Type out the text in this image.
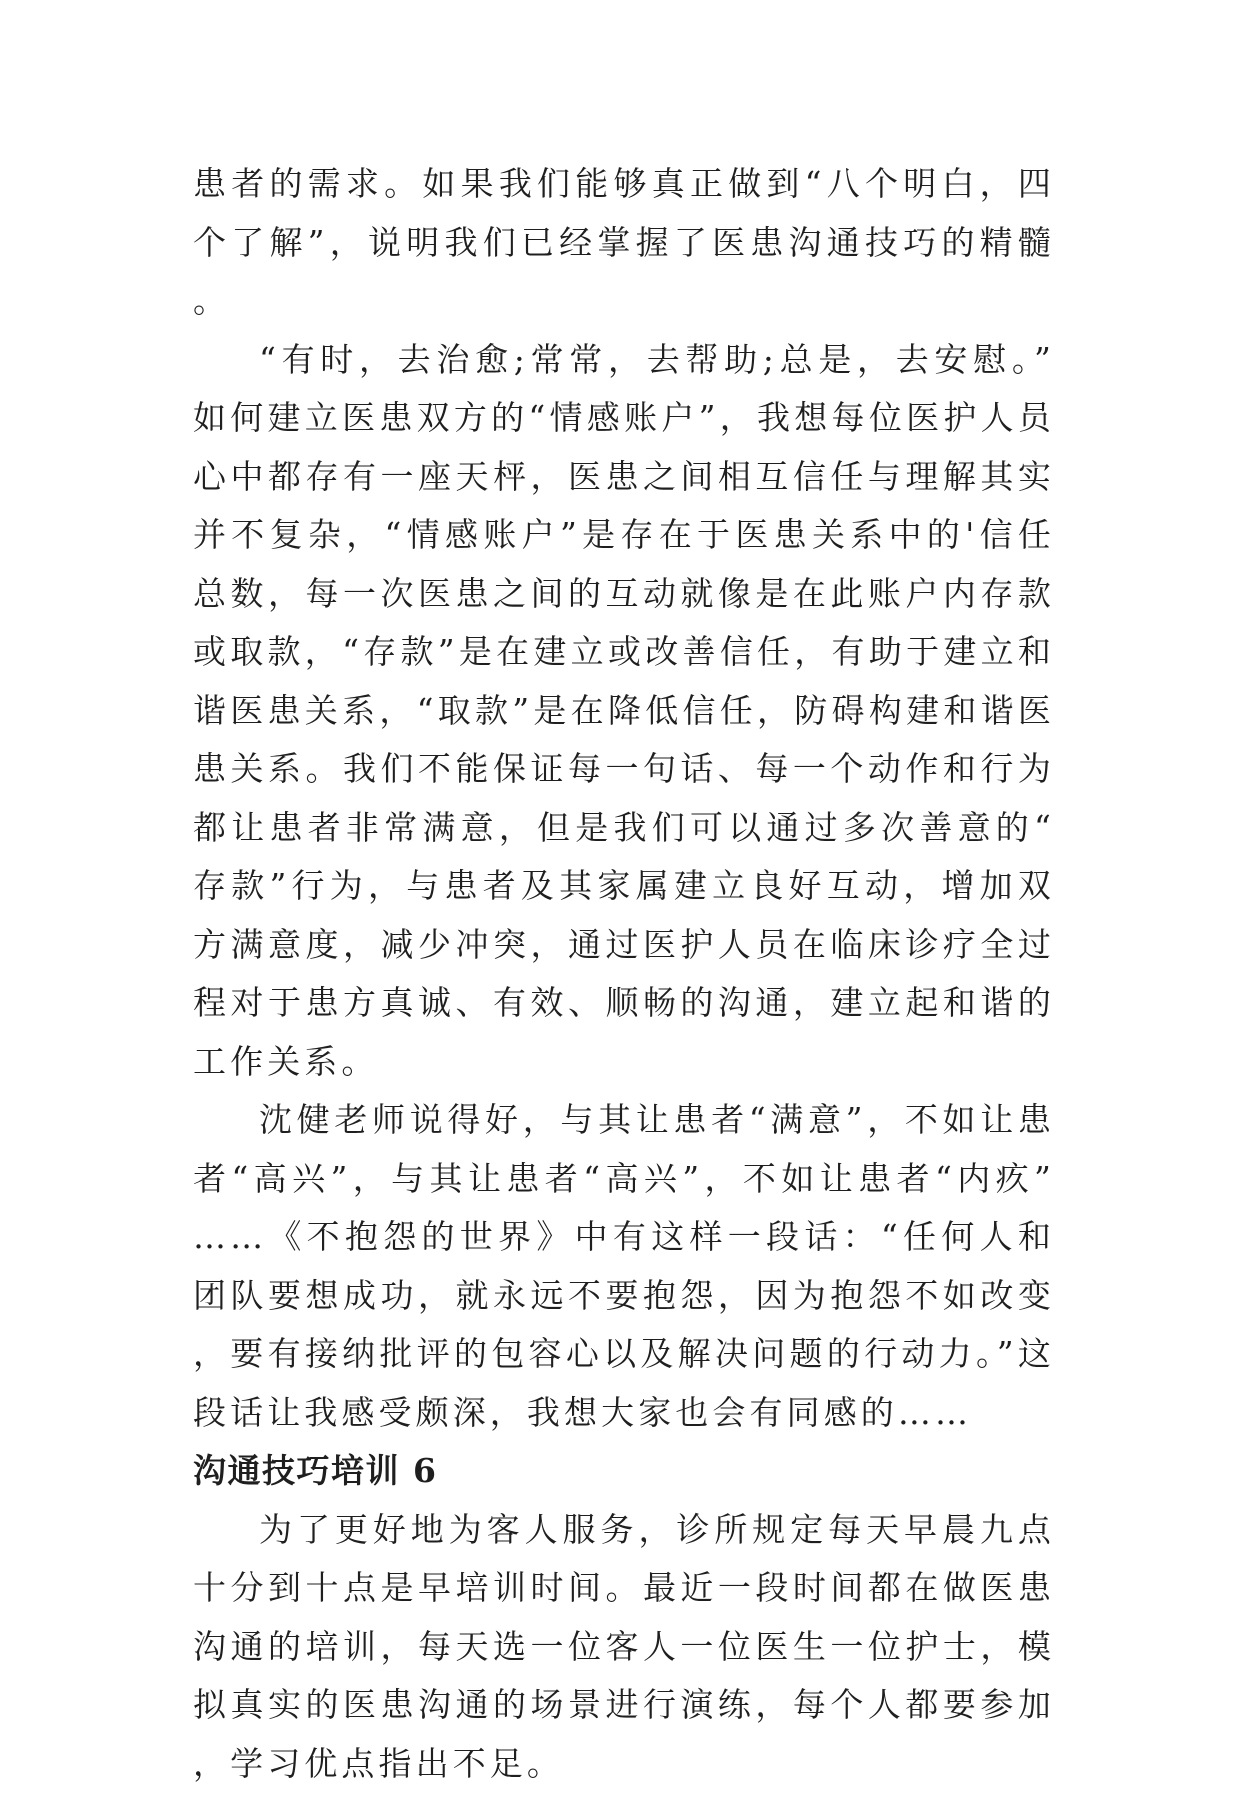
患者的需求。如果我们能够真正做到“八个明白，四个了解”，说明我们已经掌握了医患沟通技巧的精髓。

“有时，去治愈;常常，去帮助;总是，去安慰。”如何建立医患双方的“情感账户”，我想每位医护人员心中都存有一座天枰，医患之间相互信任与理解其实并不复杂，“情感账户”是存在于医患关系中的'信任总数，每一次医患之间的互动就像是在此账户内存款或取款，“存款”是在建立或改善信任，有助于建立和谐医患关系，“取款”是在降低信任，防碍构建和谐医患关系。我们不能保证每一句话、每一个动作和行为都让患者非常满意，但是我们可以通过多次善意的“存款”行为，与患者及其家属建立良好互动，增加双方满意度，减少冲突，通过医护人员在临床诊疗全过程对于患方真诚、有效、顺畅的沟通，建立起和谐的工作关系。

沈健老师说得好，与其让患者“满意”，不如让患者“高兴”，与其让患者“高兴”，不如让患者“内疚”……《不抱怨的世界》中有这样一段话：“任何人和团队要想成功，就永远不要抱怨，因为抱怨不如改变，要有接纳批评的包容心以及解决问题的行动力。”这段话让我感受颇深，我想大家也会有同感的……

沟通技巧培训 6

为了更好地为客人服务，诊所规定每天早晨九点十分到十点是早培训时间。最近一段时间都在做医患沟通的培训，每天选一位客人一位医生一位护士，模拟真实的医患沟通的场景进行演练，每个人都要参加，学习优点指出不足。
